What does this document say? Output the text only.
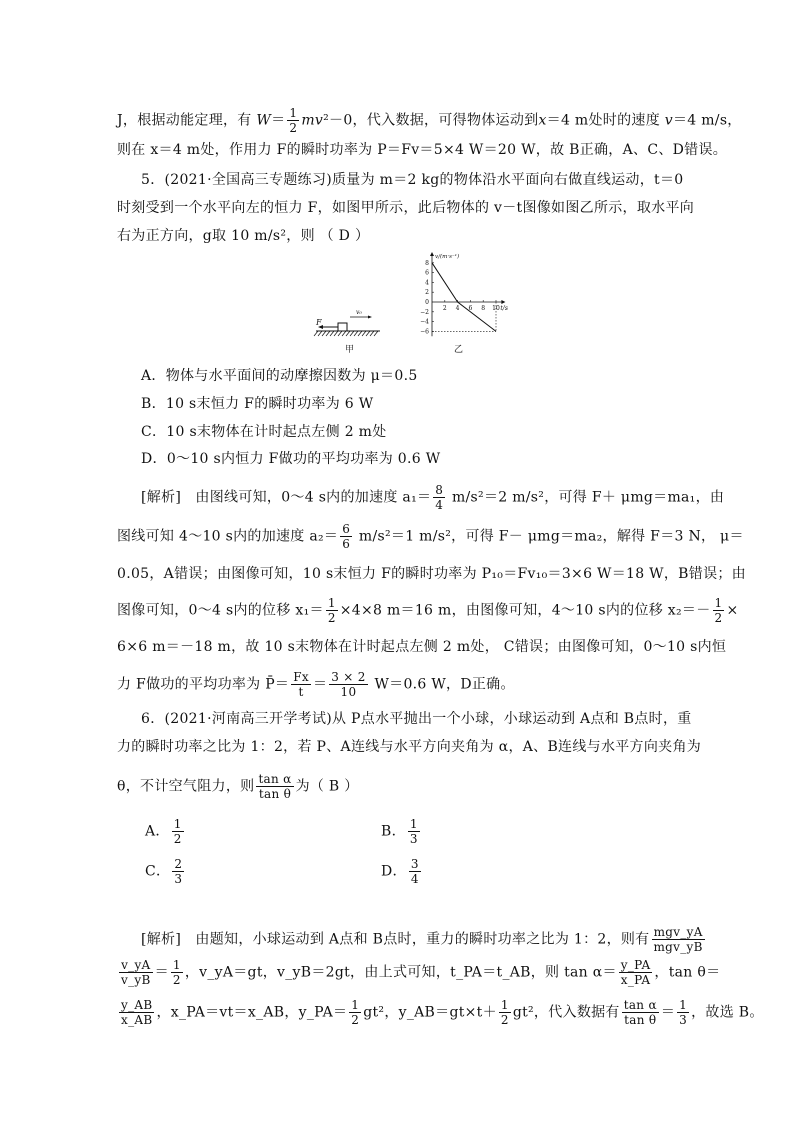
J，根据动能定理，有 $W= \frac{1}{2} mv^2-0$，代入数据，可得物体运动到x＝4 m处时的速度 v＝4 m/s，
则在 x＝4 m处，作用力 F的瞬时功率为 P＝Fv＝5×4 W＝20 W，故 B正确，A、C、D错误。
5．(2021·全国高三专题练习)质量为 m＝2 kg的物体沿水平面向右做直线运动，t＝0
时刻受到一个水平向左的恒力 F，如图甲所示，此后物体的 v－t图像如图乙所示，取水平向
右为正方向，g取 10 m/s²，则 （ D ）
F
v₀
甲
8
6
4
2
0
−2
−4
−6
2 4 6 8 10
v/(m·s⁻¹)
t/s
乙
A．物体与水平面间的动摩擦因数为 μ＝0.5
B．10 s末恒力 F的瞬时功率为 6 W
C．10 s末物体在计时起点左侧 2 m处
D．0～10 s内恒力 F做功的平均功率为 0.6 W
[解析]　由图线可知，0～4 s内的加速度 $a_1= \frac{8}{4} m/s^2=2$ m/s²，可得 F＋ μmg＝ma₁，由
图线可知 4～10 s内的加速度 $a_2= \frac{6}{6} m/s^2=1$ m/s²，可得 F－ μmg＝ma₂，解得 F＝3 N， μ＝
0.05，A错误；由图像可知，10 s末恒力 F的瞬时功率为 P₁₀＝Fv₁₀＝3×6 W＝18 W，B错误；由
图像可知，0～4 s内的位移 $x_1= \frac{1}{2} \times 4\times 8$ m＝16 m，由图像可知，4～10 s内的位移 $x_2=- \frac{1}{2}$ ×
6×6 m＝－18 m，故 10 s末物体在计时起点左侧 2 m处， C错误；由图像可知，0～10 s内恒
力 F做功的平均功率为 P̄＝ $\frac{Fx}{t} = \frac{3 \times 2}{10} W=0.6$ W，D正确。
6．(2021·河南高三开学考试)从 P点水平抛出一个小球，小球运动到 A点和 B点时，重
力的瞬时功率之比为 1：2，若 P、A连线与水平方向夹角为 α，A、B连线与水平方向夹角为
θ，不计空气阻力，则 $\frac{\text{tan α}}{\text{tan θ}}$ 为（ B ）
A． $\frac{1}{2}$	B． $\frac{1}{3}$
C． $\frac{2}{3}$	D． $\frac{3}{4}$
[解析]　由题知，小球运动到 A点和 B点时，重力的瞬时功率之比为 1：2，则有 $\frac{\text{mgv\_yA}}{\text{mgv\_yB}}$
$\frac{v\_yA}{v\_yB} = \frac{1}{2}$ ，v_yA＝gt，v_yB＝2gt，由上式可知，t_PA＝t_AB，则 $\tan \alpha= \frac{y\_PA}{x\_PA}$ ，tan θ＝
$\frac{y\_AB}{x\_AB}$ ，x_PA＝vt＝x_AB，y_PA＝ $\frac{1}{2} gt^2$，y_AB＝gt×t＋ $\frac{1}{2} gt^2$，代入数据有 $\frac{\text{tan α}}{\text{tan θ}} = \frac{1}{3}$ ，故选 B。
